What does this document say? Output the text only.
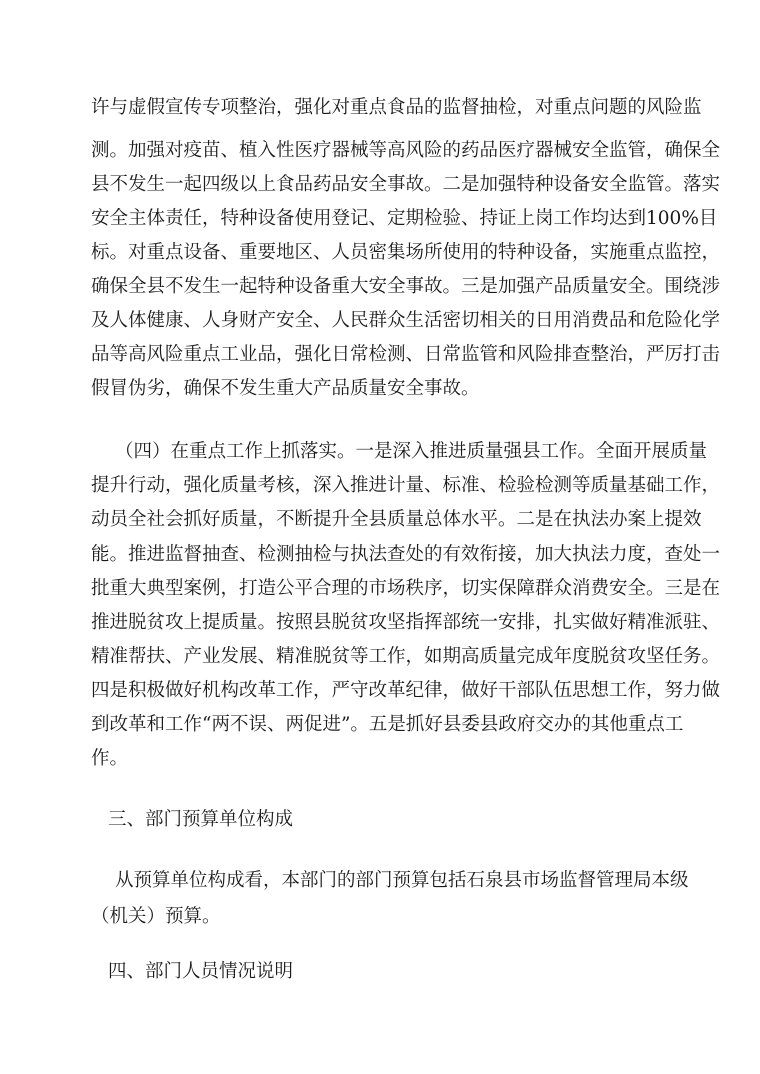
许与虚假宣传专项整治，强化对重点食品的监督抽检，对重点问题的风险监
测。加强对疫苗、植入性医疗器械等高风险的药品医疗器械安全监管，确保全
县不发生一起四级以上食品药品安全事故。二是加强特种设备安全监管。落实
安全主体责任，特种设备使用登记、定期检验、持证上岗工作均达到100%目
标。对重点设备、重要地区、人员密集场所使用的特种设备，实施重点监控，
确保全县不发生一起特种设备重大安全事故。三是加强产品质量安全。围绕涉
及人体健康、人身财产安全、人民群众生活密切相关的日用消费品和危险化学
品等高风险重点工业品，强化日常检测、日常监管和风险排查整治，严厉打击
假冒伪劣，确保不发生重大产品质量安全事故。
（四）在重点工作上抓落实。一是深入推进质量强县工作。全面开展质量
提升行动，强化质量考核，深入推进计量、标准、检验检测等质量基础工作，
动员全社会抓好质量，不断提升全县质量总体水平。二是在执法办案上提效
能。推进监督抽查、检测抽检与执法查处的有效衔接，加大执法力度，查处一
批重大典型案例，打造公平合理的市场秩序，切实保障群众消费安全。三是在
推进脱贫攻上提质量。按照县脱贫攻坚指挥部统一安排，扎实做好精准派驻、
精准帮扶、产业发展、精准脱贫等工作，如期高质量完成年度脱贫攻坚任务。
四是积极做好机构改革工作，严守改革纪律，做好干部队伍思想工作，努力做
到改革和工作“两不误、两促进”。五是抓好县委县政府交办的其他重点工
作。
三、部门预算单位构成
从预算单位构成看，本部门的部门预算包括石泉县市场监督管理局本级
（机关）预算。
四、部门人员情况说明
